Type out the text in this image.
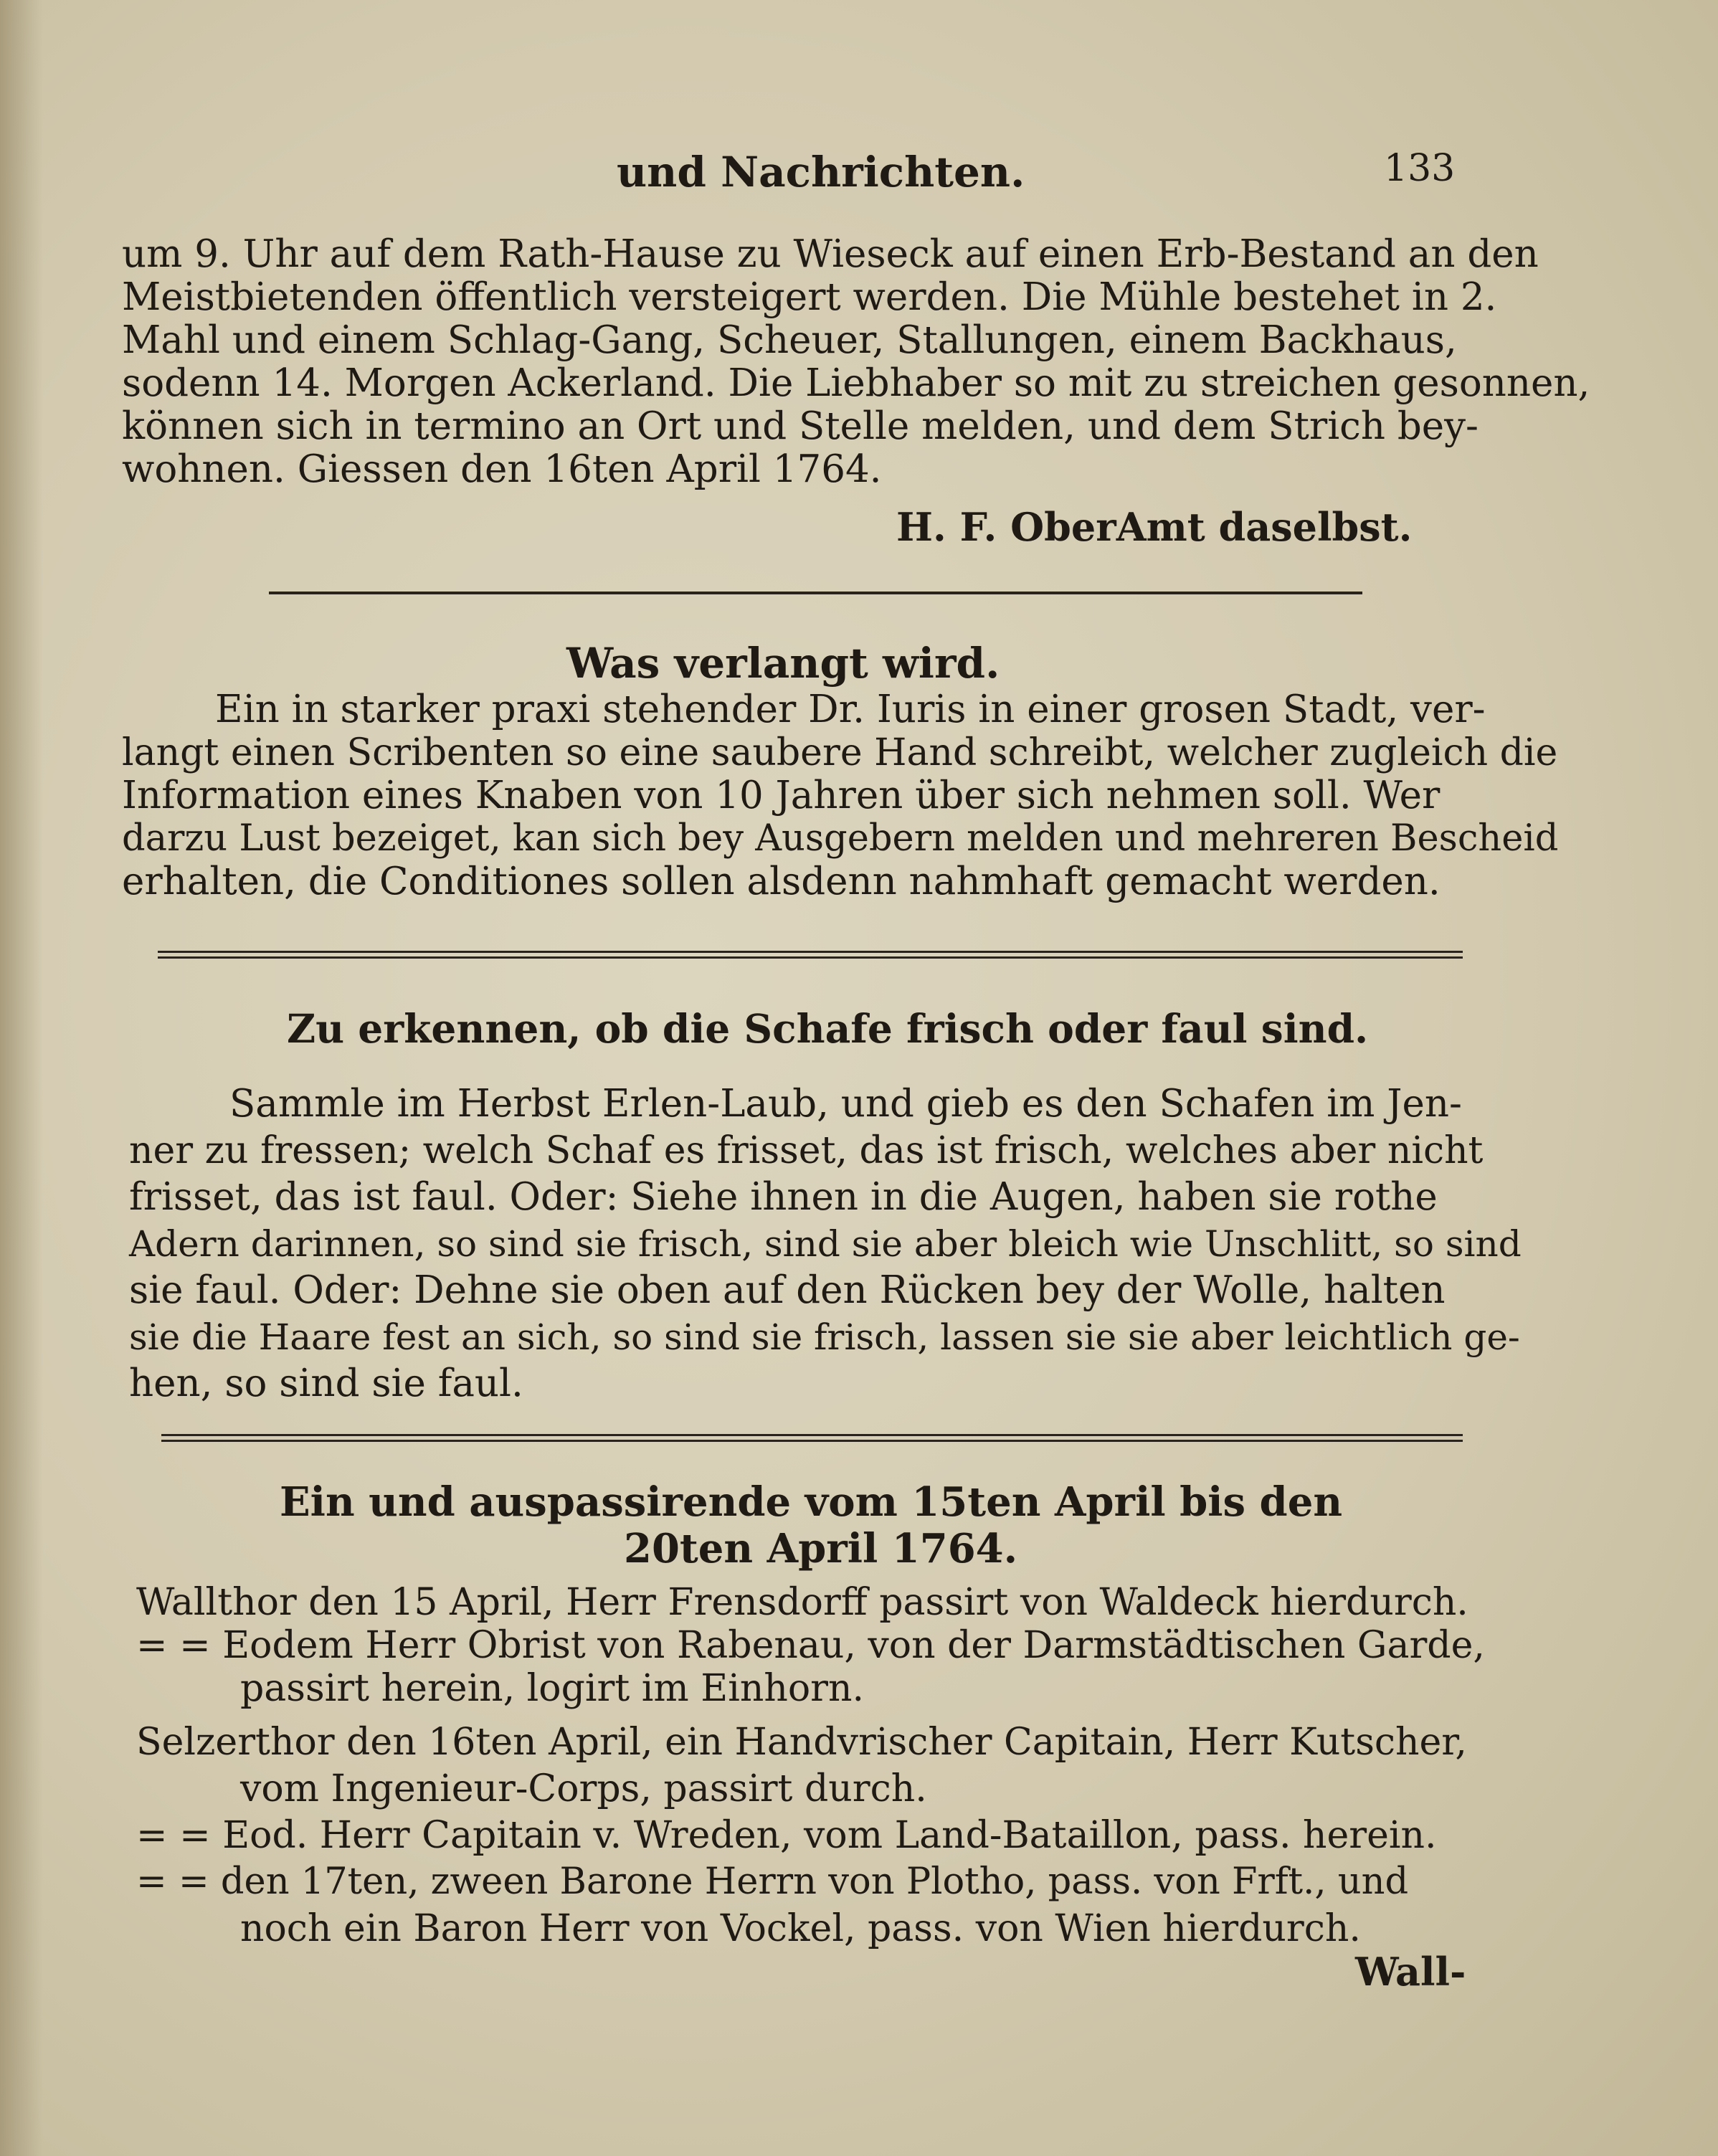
und Nachrichten.	133
um 9. Uhr auf dem Rath-Hause zu Wieseck auf einen Erb-Bestand an den
Meistbietenden öffentlich versteigert werden. Die Mühle bestehet in 2.
Mahl und einem Schlag-Gang, Scheuer, Stallungen, einem Backhaus,
sodenn 14. Morgen Ackerland. Die Liebhaber so mit zu streichen gesonnen,
können sich in termino an Ort und Stelle melden, und dem Strich bey-
wohnen. Giessen den 16ten April 1764.
H. F. OberAmt daselbst.
Was verlangt wird.
Ein in starker praxi stehender Dr. Iuris in einer grosen Stadt, ver-
langt einen Scribenten so eine saubere Hand schreibt, welcher zugleich die
Information eines Knaben von 10 Jahren über sich nehmen soll. Wer
darzu Lust bezeiget, kan sich bey Ausgebern melden und mehreren Bescheid
erhalten, die Conditiones sollen alsdenn nahmhaft gemacht werden.
Zu erkennen, ob die Schafe frisch oder faul sind.
Sammle im Herbst Erlen-Laub, und gieb es den Schafen im Jen-
ner zu fressen; welch Schaf es frisset, das ist frisch, welches aber nicht
frisset, das ist faul. Oder: Siehe ihnen in die Augen, haben sie rothe
Adern darinnen, so sind sie frisch, sind sie aber bleich wie Unschlitt, so sind
sie faul. Oder: Dehne sie oben auf den Rücken bey der Wolle, halten
sie die Haare fest an sich, so sind sie frisch, lassen sie sie aber leichtlich ge-
hen, so sind sie faul.
Ein und auspassirende vom 15ten April bis den
20ten April 1764.
Wallthor den 15 April, Herr Frensdorff passirt von Waldeck hierdurch.
= = Eodem Herr Obrist von Rabenau, von der Darmstädtischen Garde,
passirt herein, logirt im Einhorn.
Selzerthor den 16ten April, ein Handvrischer Capitain, Herr Kutscher,
vom Ingenieur-Corps, passirt durch.
= = Eod. Herr Capitain v. Wreden, vom Land-Bataillon, pass. herein.
= = den 17ten, zween Barone Herrn von Plotho, pass. von Frft., und
noch ein Baron Herr von Vockel, pass. von Wien hierdurch.
Wall-
